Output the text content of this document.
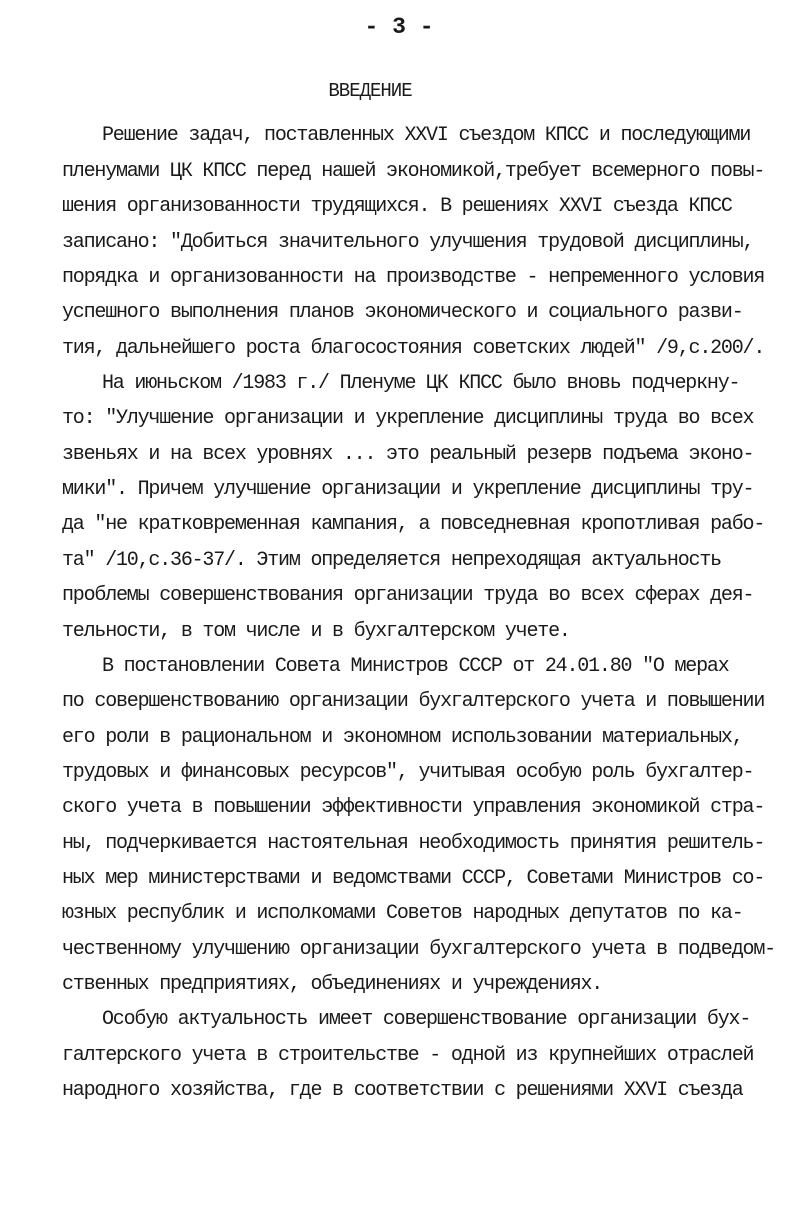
- 3 -
ВВЕДЕНИЕ
Решение задач, поставленных ХХVI съездом КПСС и последующими
пленумами ЦК КПСС перед нашей экономикой,требует всемерного повы-
шения организованности трудящихся. В решениях ХХVI съезда КПСС
записано: "Добиться значительного улучшения трудовой дисциплины,
порядка и организованности на производстве - непременного условия
успешного выполнения планов экономического и социального разви-
тия, дальнейшего роста благосостояния советских людей" /9,с.200/.
На июньском /1983 г./ Пленуме ЦК КПСС было вновь подчеркну-
то: "Улучшение организации и укрепление дисциплины труда во всех
звеньях и на всех уровнях ... это реальный резерв подъема эконо-
мики". Причем улучшение организации и укрепление дисциплины тру-
да "не кратковременная кампания, а повседневная кропотливая рабо-
та" /10,с.36-37/. Этим определяется непреходящая актуальность
проблемы совершенствования организации труда во всех сферах дея-
тельности, в том числе и в бухгалтерском учете.
В постановлении Совета Министров СССР от 24.01.80 "О мерах
по совершенствованию организации бухгалтерского учета и повышении
его роли в рациональном и экономном использовании материальных,
трудовых и финансовых ресурсов", учитывая особую роль бухгалтер-
ского учета в повышении эффективности управления экономикой стра-
ны, подчеркивается настоятельная необходимость принятия решитель-
ных мер министерствами и ведомствами СССР, Советами Министров со-
юзных республик и исполкомами Советов народных депутатов по ка-
чественному улучшению организации бухгалтерского учета в подведом-
ственных предприятиях, объединениях и учреждениях.
Особую актуальность имеет совершенствование организации бух-
галтерского учета в строительстве - одной из крупнейших отраслей
народного хозяйства, где в соответствии с решениями ХХVI съезда
